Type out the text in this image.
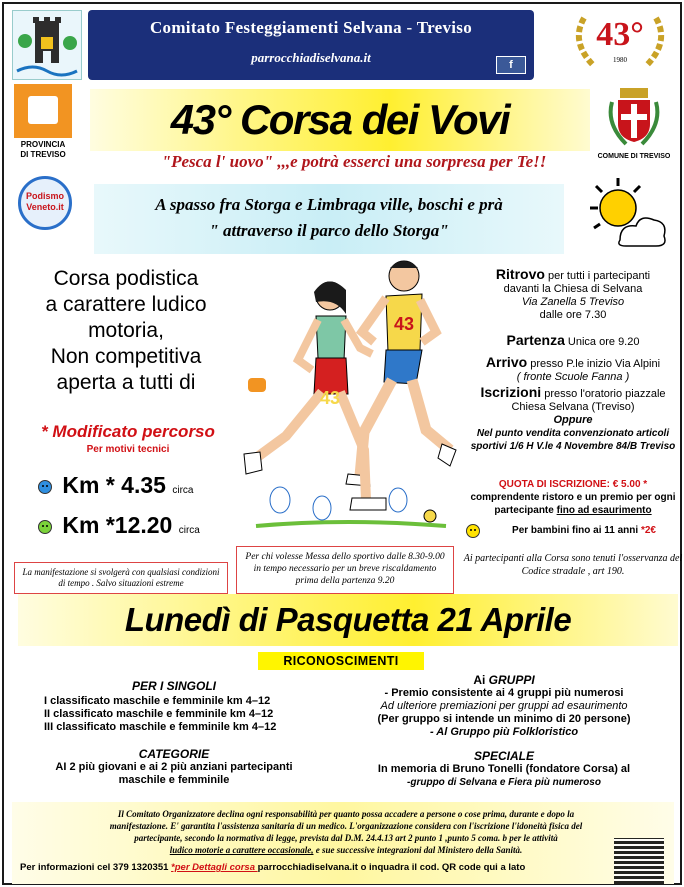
Comitato Festeggiamenti Selvana - Treviso
parrocchiadiselvana.it	f
43°
1980
PROVINCIA
DI TREVISO
43° Corsa dei Vovi
COMUNE DI TREVISO
"Pesca l' uovo" ,,,e potrà esserci una sorpresa per Te!!
Podismo Veneto.it	A spasso fra Storga e Limbraga ville, boschi e prà
" attraverso il parco dello Storga"
Corsa podistica
a carattere ludico
motoria,
Non competitiva
aperta a tutti di
* Modificato percorso
Per motivi tecnici
Km * 4.35 circa
Km *12.20 circa
La manifestazione si svolgerà con qualsiasi condizioni di tempo . Salvo situazioni estreme
43
43
Per chi volesse Messa dello sportivo dalle 8.30-9.00 in tempo necessario per un breve riscaldamento prima della partenza 9.20
Ritrovo per tutti i partecipanti
davanti la Chiesa di Selvana
Via Zanella 5 Treviso
dalle ore 7.30
Partenza Unica ore 9.20
Arrivo presso P.le inizio Via Alpini
( fronte Scuole Fanna )
Iscrizioni presso l'oratorio piazzale
Chiesa Selvana (Treviso)
Oppure
Nel punto vendita convenzionato articoli sportivi 1/6 H V.le 4 Novembre 84/B Treviso
QUOTA DI ISCRIZIONE: € 5.00 *
comprendente ristoro e un premio per ogni partecipante fino ad esaurimento
Per bambini fino ai 11 anni *2€
Ai partecipanti alla Corsa sono tenuti l'osservanza del Codice stradale , art 190.
Lunedì di Pasquetta 21 Aprile
RICONOSCIMENTI
PER I SINGOLI
I classificato maschile e femminile km 4–12
II classificato maschile e femminile km 4–12
III classificato maschile e femminile km 4–12
CATEGORIE
AI 2 più giovani e ai 2 più anziani partecipanti
maschile e femminile
Ai GRUPPI
- Premio consistente ai 4 gruppi più numerosi
Ad ulteriore premiazioni per gruppi ad esaurimento
(Per gruppo si intende un minimo di 20 persone)
- Al Gruppo più Folkloristico
SPECIALE
In memoria di Bruno Tonelli (fondatore Corsa) al
-gruppo di Selvana e Fiera più numeroso
Il Comitato Organizzatore declina ogni responsabilità per quanto possa accadere a persone o cose prima, durante e dopo la
manifestazione. E' garantita l'assistenza sanitaria di un medico. L'organizzazione considera con l'iscrizione l'idoneità fisica del
partecipante, secondo la normativa di legge, prevista dal D.M. 24.4.13 art 2 punto 1 ,punto 5 coma. b per le attività
ludico motorie a carattere occasionale, e sue successive integrazioni dal Ministero della Sanità.
Per informazioni cel 379 1320351 *per Dettagli corsa parrocchiadiselvana.it o inquadra il cod. QR code qui a lato
